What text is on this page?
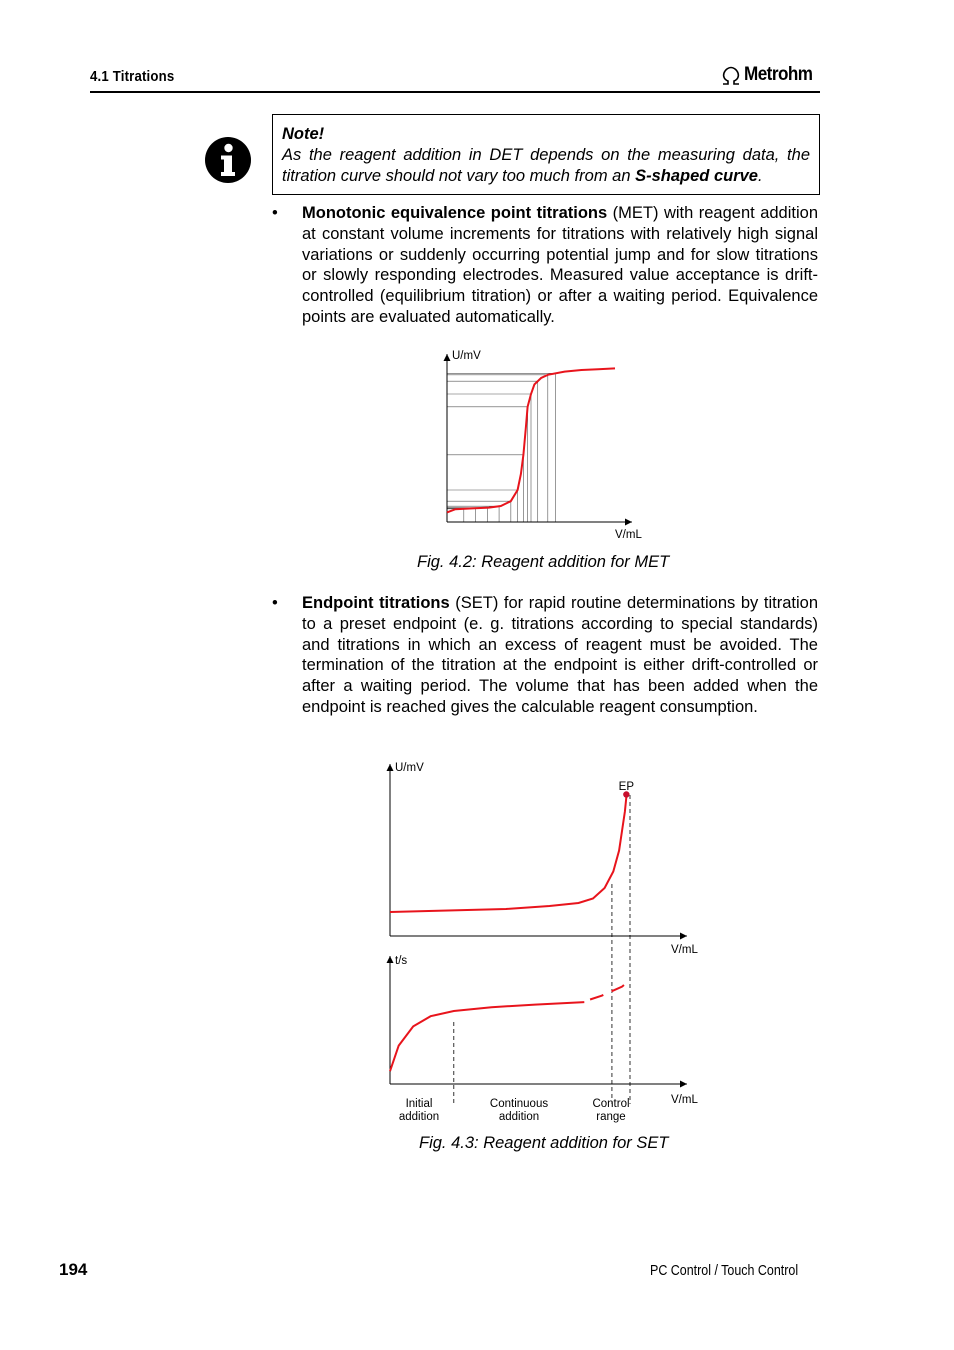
4.1 Titrations	Metrohm
Note!
As the reagent addition in DET depends on the measuring data, the titration curve should not vary too much from an S-shaped curve.
• Monotonic equivalence point titrations (MET) with reagent addition at constant volume increments for titrations with relatively high signal variations or suddenly occurring potential jump and for slow titrations or slowly responding electrodes. Measured value acceptance is drift-controlled (equilibrium titration) or after a waiting period. Equivalence points are evaluated automatically.
U/mV
V/mL
Fig. 4.2: Reagent addition for MET
• Endpoint titrations (SET) for rapid routine determinations by titration to a preset endpoint (e. g. titrations according to special standards) and titrations in which an excess of reagent must be avoided. The termination of the titration at the endpoint is either drift-controlled or after a waiting period. The volume that has been added when the endpoint is reached gives the calculable reagent consumption.
EP
U/mV
V/mL
t/s
V/mL
Initial addition
Continuous addition
Control range
Fig. 4.3: Reagent addition for SET
194	PC Control / Touch Control
